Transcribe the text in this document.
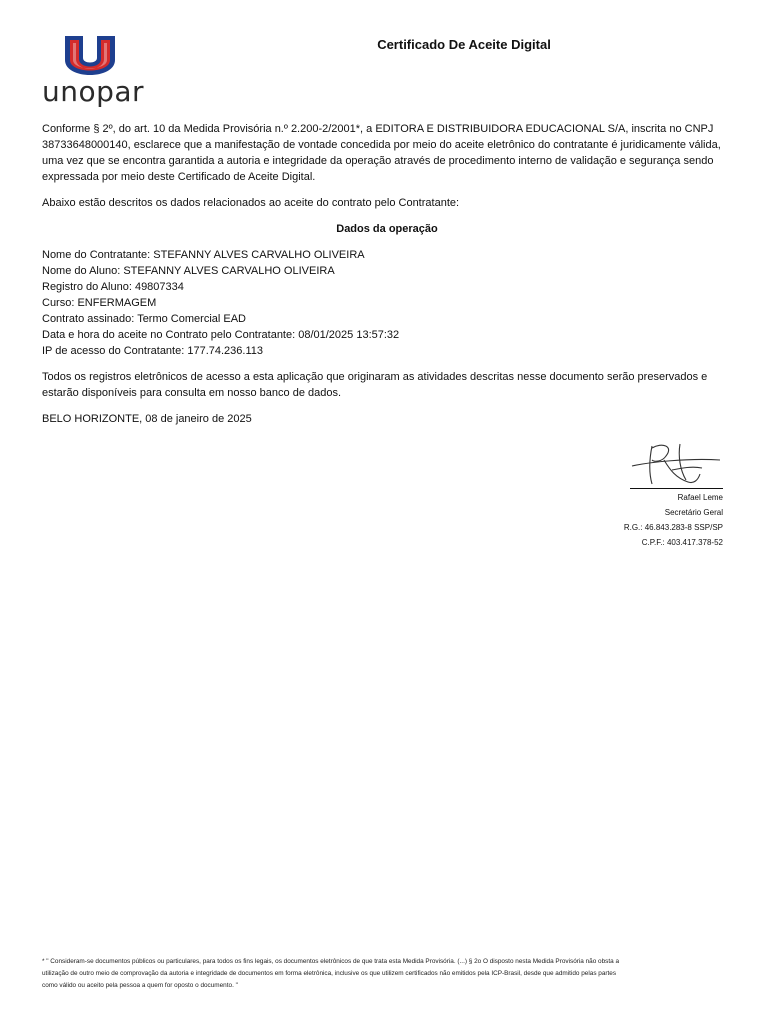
unopar
Certificado De Aceite Digital

Conforme § 2º, do art. 10 da Medida Provisória n.º 2.200-2/2001*, a EDITORA E DISTRIBUIDORA EDUCACIONAL S/A, inscrita no CNPJ 38733648000140, esclarece que a manifestação de vontade concedida por meio do aceite eletrônico do contratante é juridicamente válida, uma vez que se encontra garantida a autoria e integridade da operação através de procedimento interno de validação e segurança sendo expressada por meio deste Certificado de Aceite Digital.

Abaixo estão descritos os dados relacionados ao aceite do contrato pelo Contratante:

Dados da operação
Nome do Contratante: STEFANNY ALVES CARVALHO OLIVEIRA
Nome do Aluno: STEFANNY ALVES CARVALHO OLIVEIRA
Registro do Aluno: 49807334
Curso: ENFERMAGEM
Contrato assinado: Termo Comercial EAD
Data e hora do aceite no Contrato pelo Contratante: 08/01/2025 13:57:32
IP de acesso do Contratante: 177.74.236.113

Todos os registros eletrônicos de acesso a esta aplicação que originaram as atividades descritas nesse documento serão preservados e estarão disponíveis para consulta em nosso banco de dados.

BELO HORIZONTE, 08 de janeiro de 2025

Rafael Leme
Secretário Geral
R.G.: 46.843.283-8 SSP/SP
C.P.F.: 403.417.378-52
* " Consideram-se documentos públicos ou particulares, para todos os fins legais, os documentos eletrônicos de que trata esta Medida Provisória. (...) § 2o O disposto nesta Medida Provisória não obsta a
utilização de outro meio de comprovação da autoria e integridade de documentos em forma eletrônica, inclusive os que utilizem certificados não emitidos pela ICP-Brasil, desde que admitido pelas partes
como válido ou aceito pela pessoa a quem for oposto o documento. "
